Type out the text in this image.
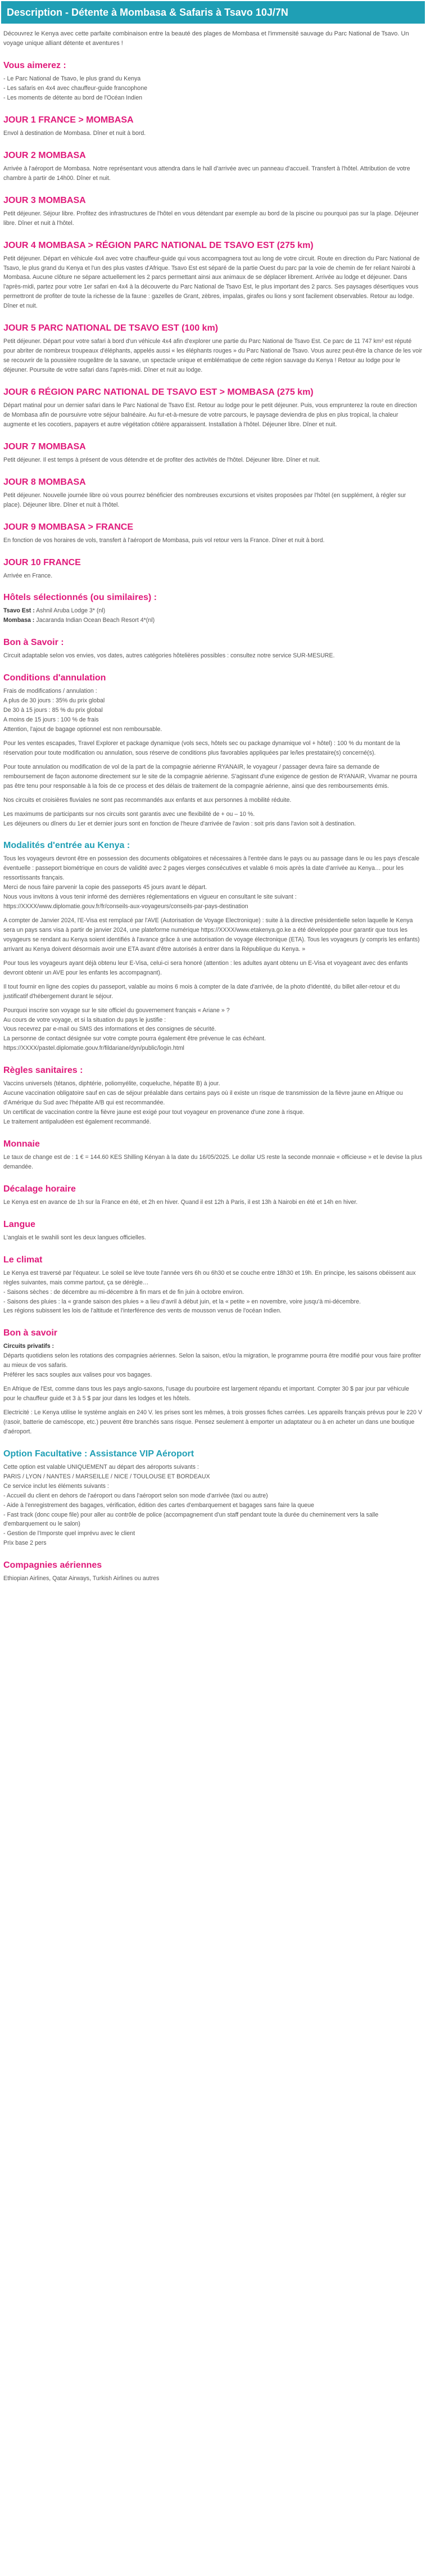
Description - Détente à Mombasa & Safaris à Tsavo 10J/7N

Découvrez le Kenya avec cette parfaite combinaison entre la beauté des plages de Mombasa et l'immensité sauvage du Parc National de Tsavo. Un voyage unique alliant détente et aventures !

Vous aimerez :
- Le Parc National de Tsavo, le plus grand du Kenya
- Les safaris en 4x4 avec chauffeur-guide francophone
- Les moments de détente au bord de l'Océan Indien
JOUR 1 FRANCE > MOMBASA

Envol à destination de Mombasa. Dîner et nuit à bord.

JOUR 2 MOMBASA

Arrivée à l'aéroport de Mombasa. Notre représentant vous attendra dans le hall d'arrivée avec un panneau d'accueil. Transfert à l'hôtel. Attribution de votre chambre à partir de 14h00. Dîner et nuit.

JOUR 3 MOMBASA

Petit déjeuner. Séjour libre. Profitez des infrastructures de l'hôtel en vous détendant par exemple au bord de la piscine ou pourquoi pas sur la plage. Déjeuner libre. Dîner et nuit à l'hôtel.

JOUR 4 MOMBASA > RÉGION PARC NATIONAL DE TSAVO EST (275 km)

Petit déjeuner. Départ en véhicule 4x4 avec votre chauffeur-guide qui vous accompagnera tout au long de votre circuit. Route en direction du Parc National de Tsavo, le plus grand du Kenya et l'un des plus vastes d'Afrique. Tsavo Est est séparé de la partie Ouest du parc par la voie de chemin de fer reliant Nairobi à Mombasa. Aucune clôture ne sépare actuellement les 2 parcs permettant ainsi aux animaux de se déplacer librement. Arrivée au lodge et déjeuner. Dans l'après-midi, partez pour votre 1er safari en 4x4 à la découverte du Parc National de Tsavo Est, le plus important des 2 parcs. Ses paysages désertiques vous permettront de profiter de toute la richesse de la faune : gazelles de Grant, zèbres, impalas, girafes ou lions y sont facilement observables. Retour au lodge. Dîner et nuit.

JOUR 5 PARC NATIONAL DE TSAVO EST (100 km)

Petit déjeuner. Départ pour votre safari à bord d'un véhicule 4x4 afin d'explorer une partie du Parc National de Tsavo Est. Ce parc de 11 747 km² est réputé pour abriter de nombreux troupeaux d'éléphants, appelés aussi « les éléphants rouges » du Parc National de Tsavo. Vous aurez peut-être la chance de les voir se recouvrir de la poussière rougeâtre de la savane, un spectacle unique et emblématique de cette région sauvage du Kenya ! Retour au lodge pour le déjeuner. Poursuite de votre safari dans l'après-midi. Dîner et nuit au lodge.

JOUR 6 RÉGION PARC NATIONAL DE TSAVO EST > MOMBASA (275 km)

Départ matinal pour un dernier safari dans le Parc National de Tsavo Est. Retour au lodge pour le petit déjeuner. Puis, vous emprunterez la route en direction de Mombasa afin de poursuivre votre séjour balnéaire. Au fur-et-à-mesure de votre parcours, le paysage deviendra de plus en plus tropical, la chaleur augmente et les cocotiers, papayers et autre végétation côtière apparaissent. Installation à l'hôtel. Déjeuner libre. Dîner et nuit.

JOUR 7 MOMBASA

Petit déjeuner. Il est temps à présent de vous détendre et de profiter des activités de l'hôtel. Déjeuner libre. Dîner et nuit.

JOUR 8 MOMBASA

Petit déjeuner. Nouvelle journée libre où vous pourrez bénéficier des nombreuses excursions et visites proposées par l'hôtel (en supplément, à régler sur place). Déjeuner libre. Dîner et nuit à l'hôtel.

JOUR 9 MOMBASA > FRANCE

En fonction de vos horaires de vols, transfert à l'aéroport de Mombasa, puis vol retour vers la France. Dîner et nuit à bord.

JOUR 10 FRANCE

Arrivée en France.

Hôtels sélectionnés (ou similaires) :

Tsavo Est : Ashnil Aruba Lodge 3* (nl)
Mombasa : Jacaranda Indian Ocean Beach Resort 4*(nl)

Bon à Savoir :

Circuit adaptable selon vos envies, vos dates, autres catégories hôtelières possibles : consultez notre service SUR-MESURE.

Conditions d'annulation
Frais de modifications / annulation :
A plus de 30 jours : 35% du prix global
De 30 à 15 jours : 85 % du prix global
A moins de 15 jours : 100 % de frais
Attention, l'ajout de bagage optionnel est non remboursable.

Pour les ventes escapades, Travel Explorer et package dynamique (vols secs, hôtels sec ou package dynamique vol + hôtel) : 100 % du montant de la réservation pour toute modification ou annulation, sous réserve de conditions plus favorables appliquées par le/les prestataire(s) concerné(s).

Pour toute annulation ou modification de vol de la part de la compagnie aérienne RYANAIR, le voyageur / passager devra faire sa demande de remboursement de façon autonome directement sur le site de la compagnie aérienne. S'agissant d'une exigence de gestion de RYANAIR, Vivamar ne pourra pas être tenu pour responsable à la fois de ce process et des délais de traitement de la compagnie aérienne, ainsi que des remboursements émis.

Nos circuits et croisières fluviales ne sont pas recommandés aux enfants et aux personnes à mobilité réduite.

Les maximums de participants sur nos circuits sont garantis avec une flexibilité de + ou – 10 %.
Les déjeuners ou dîners du 1er et dernier jours sont en fonction de l'heure d'arrivée de l'avion : soit pris dans l'avion soit à destination.

Modalités d'entrée au Kenya :

Tous les voyageurs devront être en possession des documents obligatoires et nécessaires à l'entrée dans le pays ou au passage dans le ou les pays d'escale éventuelle : passeport biométrique en cours de validité avec 2 pages vierges consécutives et valable 6 mois après la date d'arrivée au Kenya… pour les ressortissants français.
Merci de nous faire parvenir la copie des passeports 45 jours avant le départ.
Nous vous invitons à vous tenir informé des dernières réglementations en vigueur en consultant le site suivant : https://XXXX/www.diplomatie.gouv.fr/fr/conseils-aux-voyageurs/conseils-par-pays-destination

A compter de Janvier 2024, l'E-Visa est remplacé par l'AVE (Autorisation de Voyage Electronique) : suite à la directive présidentielle selon laquelle le Kenya sera un pays sans visa à partir de janvier 2024, une plateforme numérique https://XXXX/www.etakenya.go.ke a été développée pour garantir que tous les voyageurs se rendant au Kenya soient identifiés à l'avance grâce à une autorisation de voyage électronique (ETA). Tous les voyageurs (y compris les enfants) arrivant au Kenya doivent désormais avoir une ETA avant d'être autorisés à entrer dans la République du Kenya. »

Pour tous les voyageurs ayant déjà obtenu leur E-Visa, celui-ci sera honoré (attention : les adultes ayant obtenu un E-Visa et voyageant avec des enfants devront obtenir un AVE pour les enfants les accompagnant).

Il tout fournir en ligne des copies du passeport, valable au moins 6 mois à compter de la date d'arrivée, de la photo d'identité, du billet aller-retour et du justificatif d'hébergement durant le séjour.

Pourquoi inscrire son voyage sur le site officiel du gouvernement français « Ariane » ?
Au cours de votre voyage, et si la situation du pays le justifie :
Vous recevrez par e-mail ou SMS des informations et des consignes de sécurité.
La personne de contact désignée sur votre compte pourra également être prévenue le cas échéant.
https://XXXX/pastel.diplomatie.gouv.fr/fildariane/dyn/public/login.html

Règles sanitaires :

Vaccins universels (tétanos, diphtérie, poliomyélite, coqueluche, hépatite B) à jour.
Aucune vaccination obligatoire sauf en cas de séjour préalable dans certains pays où il existe un risque de transmission de la fièvre jaune en Afrique ou d'Amérique du Sud avec l'hépatite A/B qui est recommandée.
Un certificat de vaccination contre la fièvre jaune est exigé pour tout voyageur en provenance d'une zone à risque.
Le traitement antipaludéen est également recommandé.

Monnaie

Le taux de change est de : 1 € = 144.60 KES Shilling Kényan à la date du 16/05/2025. Le dollar US reste la seconde monnaie « officieuse » et le devise la plus demandée.

Décalage horaire

Le Kenya est en avance de 1h sur la France en été, et 2h en hiver. Quand il est 12h à Paris, il est 13h à Nairobi en été et 14h en hiver.

Langue

L'anglais et le swahili sont les deux langues officielles.

Le climat

Le Kenya est traversé par l'équateur. Le soleil se lève toute l'année vers 6h ou 6h30 et se couche entre 18h30 et 19h. En principe, les saisons obéissent aux règles suivantes, mais comme partout, ça se dérègle…
- Saisons sèches : de décembre au mi-décembre à fin mars et de fin juin à octobre environ.
- Saisons des pluies : la « grande saison des pluies » a lieu d'avril à début juin, et la « petite » en novembre, voire jusqu'à mi-décembre.
Les régions subissent les lois de l'altitude et l'interférence des vents de mousson venus de l'océan Indien.

Bon à savoir

Circuits privatifs :
Départs quotidiens selon les rotations des compagnies aériennes. Selon la saison, et/ou la migration, le programme pourra être modifié pour vous faire profiter au mieux de vos safaris.
Préférer les sacs souples aux valises pour vos bagages.

En Afrique de l'Est, comme dans tous les pays anglo-saxons, l'usage du pourboire est largement répandu et important. Compter 30 $ par jour par véhicule pour le chauffeur guide et 3 à 5 $ par jour dans les lodges et les hôtels.

Electricité : Le Kenya utilise le système anglais en 240 V. les prises sont les mêmes, à trois grosses fiches carrées. Les appareils français prévus pour le 220 V (rasoir, batterie de caméscope, etc.) peuvent être branchés sans risque. Pensez seulement à emporter un adaptateur ou à en acheter un dans une boutique d'aéroport.

Option Facultative : Assistance VIP Aéroport
Cette option est valable UNIQUEMENT au départ des aéroports suivants :
PARIS / LYON / NANTES / MARSEILLE / NICE / TOULOUSE ET BORDEAUX
Ce service inclut les éléments suivants :
- Accueil du client en dehors de l'aéroport ou dans l'aéroport selon son mode d'arrivée (taxi ou autre)
- Aide à l'enregistrement des bagages, vérification, édition des cartes d'embarquement et bagages sans faire la queue
- Fast track (donc coupe file) pour aller au contrôle de police (accompagnement d'un staff pendant toute la durée du cheminement vers la salle d'embarquement ou le salon)
- Gestion de l'Imporste quel imprévu avec le client
Prix base 2 pers
Compagnies aériennes

Ethiopian Airlines, Qatar Airways, Turkish Airlines ou autres
